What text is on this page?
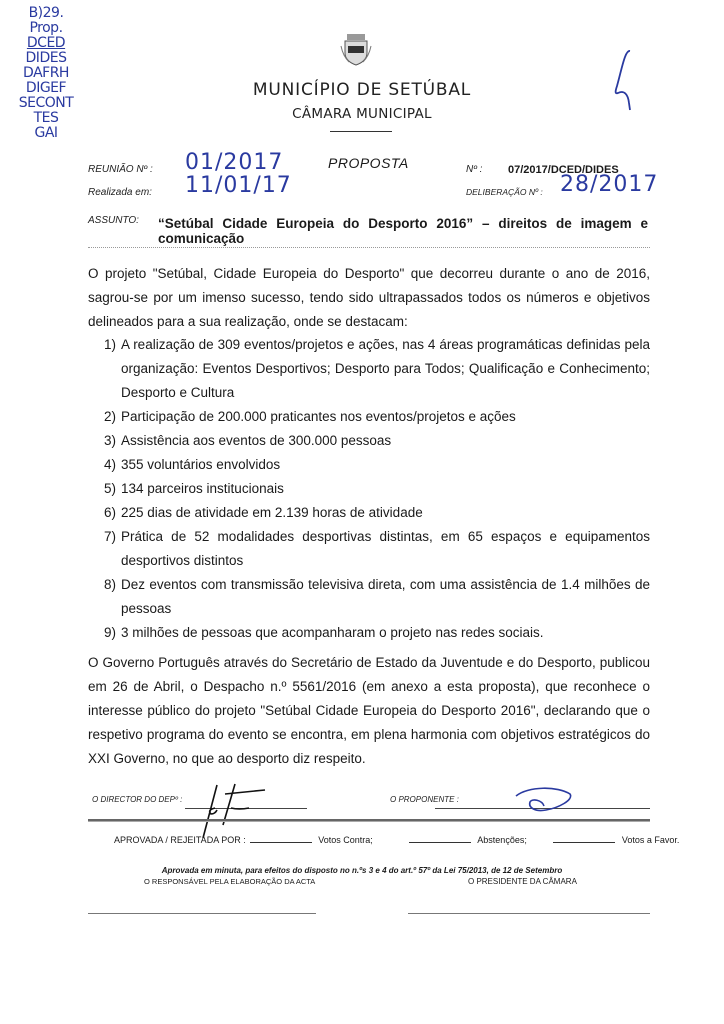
B)29.
Prop.
DCED
DIDES
DAFRH
DIGEF
SECONT
TES
GAI
MUNICÍPIO DE SETÚBAL
CÂMARA MUNICIPAL
REUNIÃO Nº : 01/2017
Realizada em: 11/01/17
PROPOSTA	Nº : 07/2017/DCED/DIDES
DELIBERAÇÃO Nº : 28/2017
ASSUNTO: “Setúbal Cidade Europeia do Desporto 2016” – direitos de imagem e comunicação
O projeto "Setúbal, Cidade Europeia do Desporto" que decorreu durante o ano de 2016, sagrou-se por um imenso sucesso, tendo sido ultrapassados todos os números e objetivos delineados para a sua realização, onde se destacam:
1) A realização de 309 eventos/projetos e ações, nas 4 áreas programáticas definidas pela organização: Eventos Desportivos; Desporto para Todos; Qualificação e Conhecimento; Desporto e Cultura
2) Participação de 200.000 praticantes nos eventos/projetos e ações
3) Assistência aos eventos de 300.000 pessoas
4) 355 voluntários envolvidos
5) 134 parceiros institucionais
6) 225 dias de atividade em 2.139 horas de atividade
7) Prática de 52 modalidades desportivas distintas, em 65 espaços e equipamentos desportivos distintos
8) Dez eventos com transmissão televisiva direta, com uma assistência de 1.4 milhões de pessoas
9) 3 milhões de pessoas que acompanharam o projeto nas redes sociais.
O Governo Português através do Secretário de Estado da Juventude e do Desporto, publicou em 26 de Abril, o Despacho n.º 5561/2016 (em anexo a esta proposta), que reconhece o interesse público do projeto "Setúbal Cidade Europeia do Desporto 2016", declarando que o respetivo programa do evento se encontra, em plena harmonia com objetivos estratégicos do XXI Governo, no que ao desporto diz respeito.
O DIRECTOR DO DEPº :	O PROPONENTE :
APROVADA / REJEITADA POR :	Votos Contra;	Abstenções;	Votos a Favor.
Aprovada em minuta, para efeitos do disposto no n.ºs 3 e 4 do art.º 57º da Lei 75/2013, de 12 de Setembro
O RESPONSÁVEL PELA ELABORAÇÃO DA ACTA	O PRESIDENTE DA CÂMARA
